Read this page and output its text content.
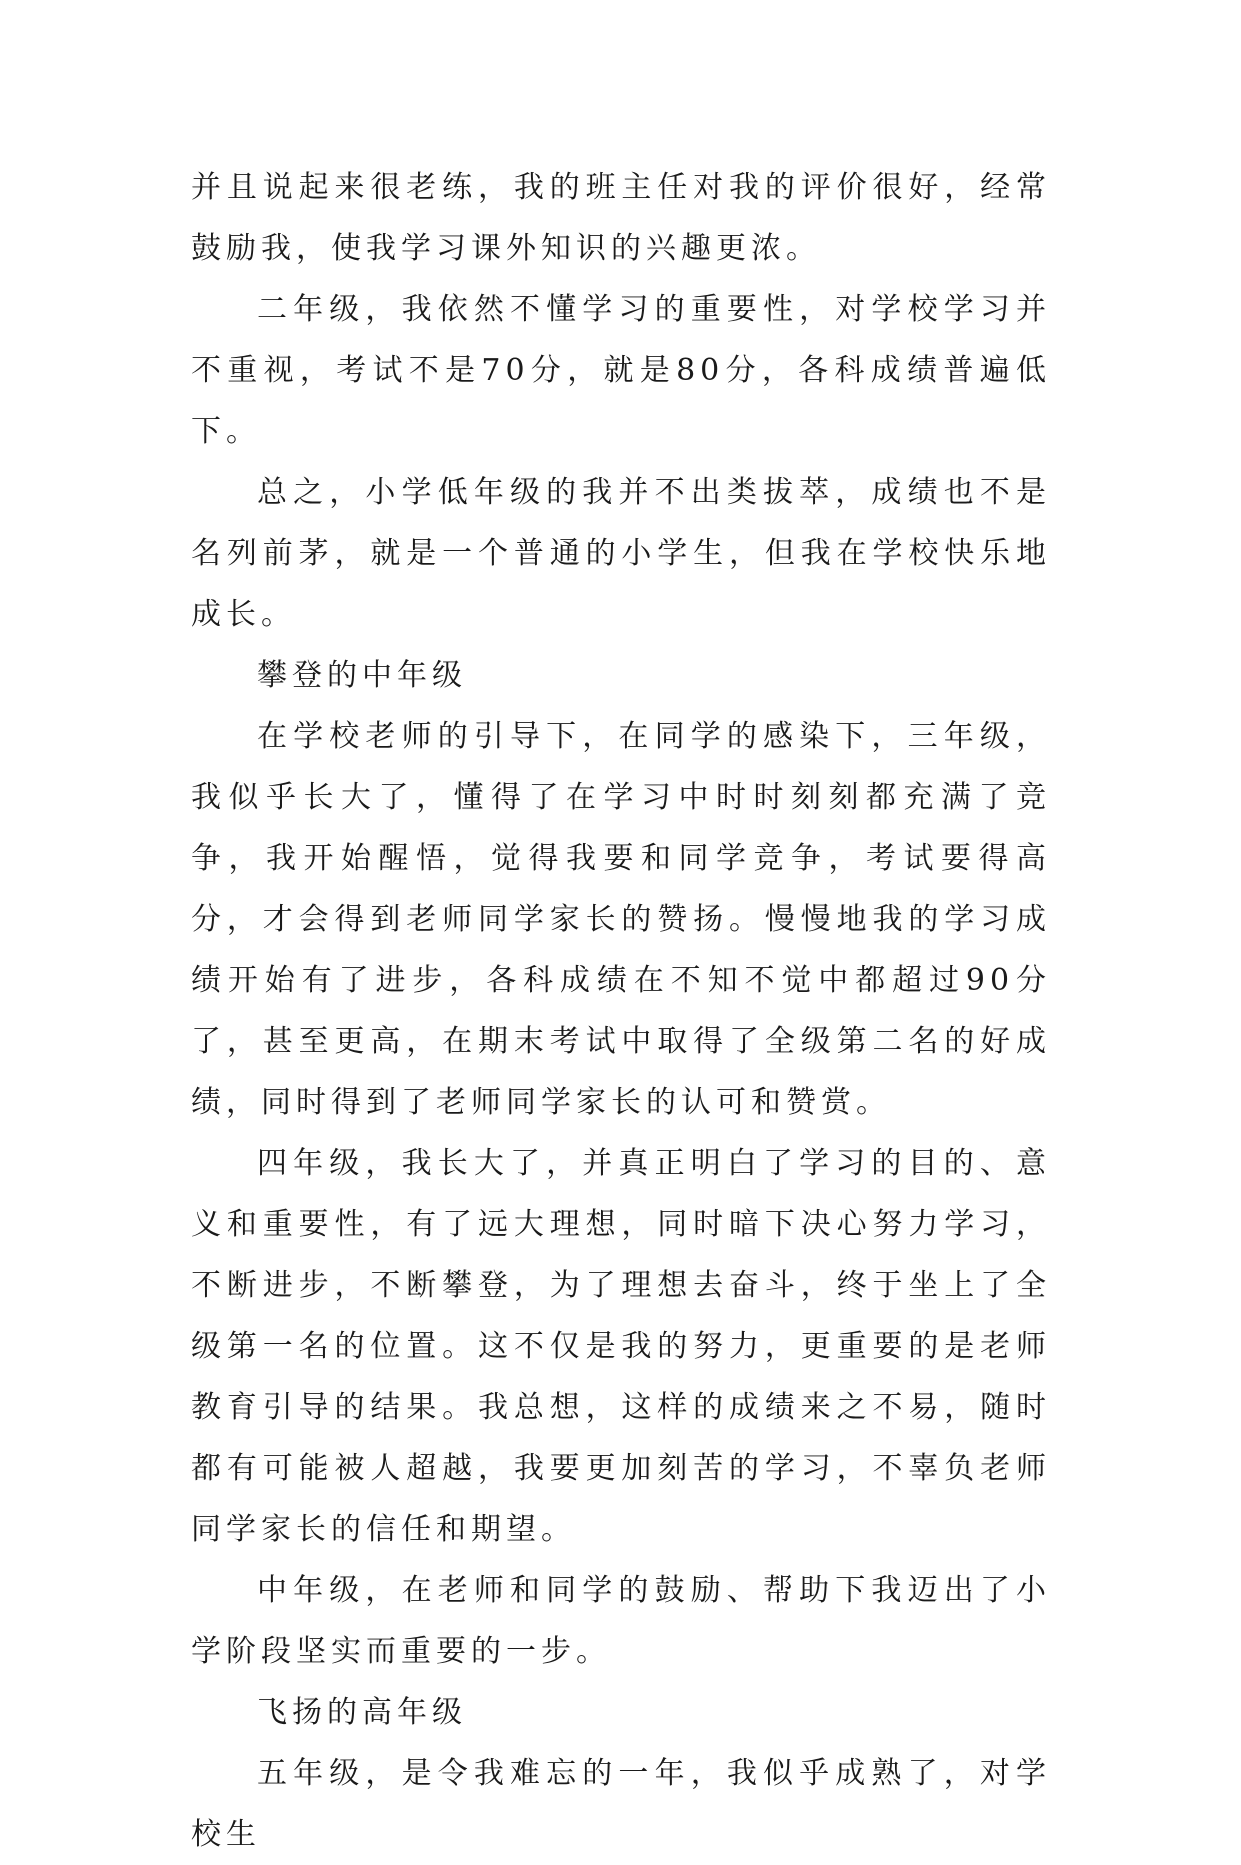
并且说起来很老练，我的班主任对我的评价很好，经常鼓励我，使我学习课外知识的兴趣更浓。

二年级，我依然不懂学习的重要性，对学校学习并不重视，考试不是70分，就是80分，各科成绩普遍低下。

总之，小学低年级的我并不出类拔萃，成绩也不是名列前茅，就是一个普通的小学生，但我在学校快乐地成长。

攀登的中年级

在学校老师的引导下，在同学的感染下，三年级，我似乎长大了，懂得了在学习中时时刻刻都充满了竞争，我开始醒悟，觉得我要和同学竞争，考试要得高分，才会得到老师同学家长的赞扬。慢慢地我的学习成绩开始有了进步，各科成绩在不知不觉中都超过90分了，甚至更高，在期末考试中取得了全级第二名的好成绩，同时得到了老师同学家长的认可和赞赏。

四年级，我长大了，并真正明白了学习的目的、意义和重要性，有了远大理想，同时暗下决心努力学习，不断进步，不断攀登，为了理想去奋斗，终于坐上了全级第一名的位置。这不仅是我的努力，更重要的是老师教育引导的结果。我总想，这样的成绩来之不易，随时都有可能被人超越，我要更加刻苦的学习，不辜负老师同学家长的信任和期望。

中年级，在老师和同学的鼓励、帮助下我迈出了小学阶段坚实而重要的一步。

飞扬的高年级

五年级，是令我难忘的一年，我似乎成熟了，对学校生
